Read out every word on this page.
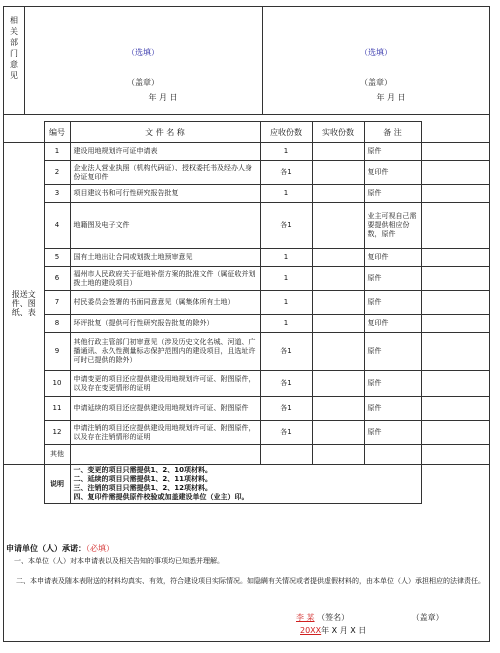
相关部门意见
（选填）
（盖章）
年 月 日
（选填）
（盖章）
年 月 日
	编号	文 件 名 称	应收份数	实收份数	备 注	
报送文件、图纸、表	1	建设用地规划许可证申请表	1		原件	
	2	企业法人营业执照（机构代码证）、授权委托书及经办人身份证复印件	各1		复印件	
	3	项目建议书和可行性研究报告批复	1		原件	
	4	地籍图及电子文件	各1		业主可视自己需要提供相应份数，原件	
	5	国有土地出让合同或划拨土地预审意见	1		复印件	
	6	福州市人民政府关于征地补偿方案的批准文件（属征收并划拨土地的建设项目）	1		原件	
	7	村民委员会签署的书面同意意见（属集体所有土地）	1		原件	
	8	环评批复（提供可行性研究报告批复的除外）	1		复印件	
	9	其他行政主管部门初审意见（涉及历史文化名城、河道、广播通讯、永久性测量标志保护范围内的建设项目，且选址许可时已提供的除外）	各1		原件	
	10	申请变更的项目还应提供建设用地规划许可证、附图原件，以及存在变更情形的证明	各1		原件	
	11	申请延续的项目还应提供建设用地规划许可证、附图原件	各1		原件	
	12	申请注销的项目还应提供建设用地规划许可证、附图原件，以及存在注销情形的证明	各1		原件	
	其他					
	说明	一、变更的项目只需提供1、2、10项材料。
二、延续的项目只需提供1、2、11项材料。
三、注销的项目只需提供1、2、12项材料。
四、复印件需提供原件校验或加盖建设单位（业主）印。				

申请单位（人）承诺：（必填）
一、本单位（人）对本申请表以及相关告知的事项均已知悉并理解。
二、本申请表及随本表附送的材料均真实、有效，符合建设项目实际情况。如隐瞒有关情况或者提供虚假材料的，由本单位（人）承担相应的法律责任。
李 某 （签名）	（盖章）
20XX年 X 月 X 日
